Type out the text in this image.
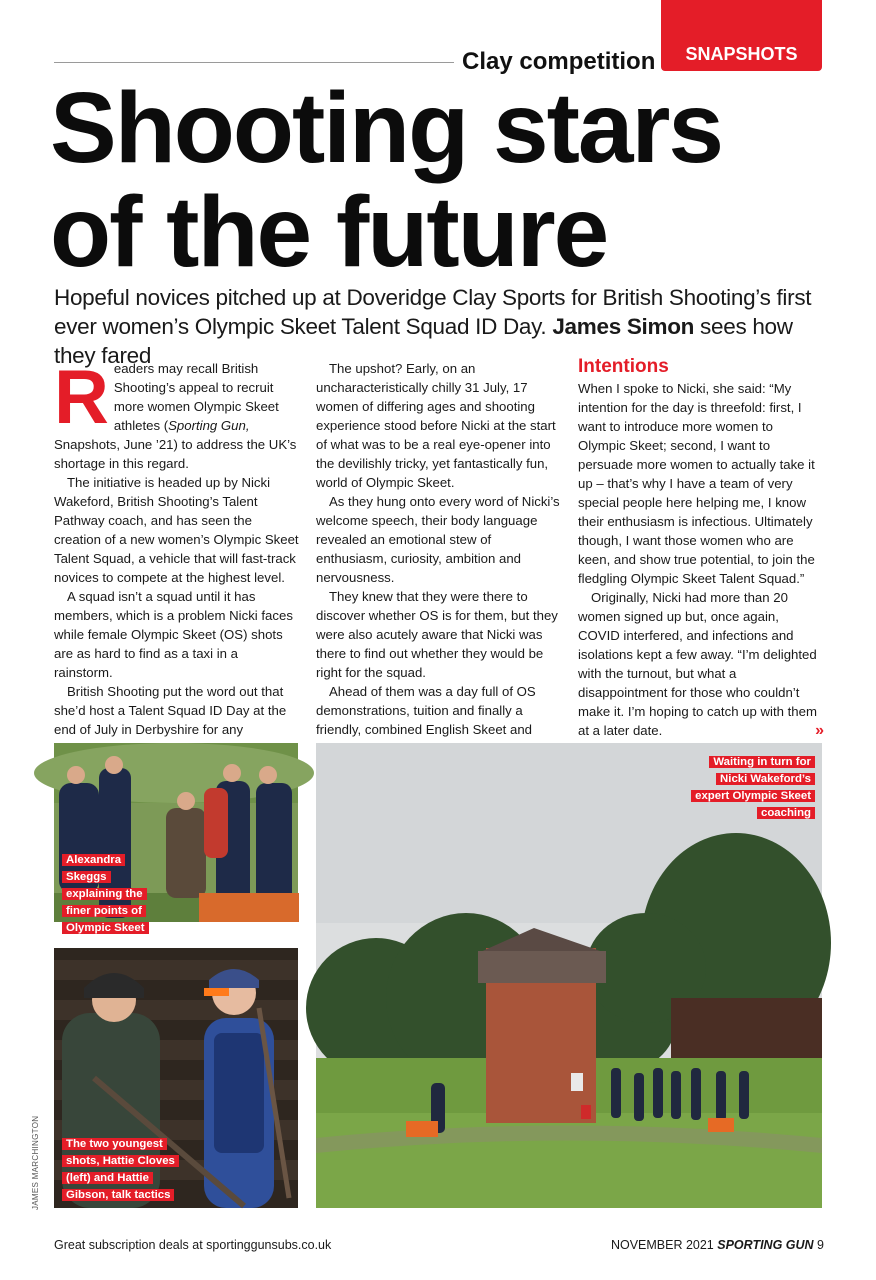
Clay competition SNAPSHOTS
Shooting stars
of the future
Hopeful novices pitched up at Doveridge Clay Sports for British Shooting’s first ever women’s Olympic Skeet Talent Squad ID Day. James Simon sees how they fared

Readers may recall British Shooting’s appeal to recruit more women Olympic Skeet athletes (Sporting Gun, Snapshots, June ’21) to address the UK’s shortage in this regard.

The initiative is headed up by Nicki Wakeford, British Shooting’s Talent Pathway coach, and has seen the creation of a new women’s Olympic Skeet Talent Squad, a vehicle that will fast-track novices to compete at the highest level.

A squad isn’t a squad until it has members, which is a problem Nicki faces while female Olympic Skeet (OS) shots are as hard to find as a taxi in a rainstorm.

British Shooting put the word out that she’d host a Talent Squad ID Day at the end of July in Derbyshire for any

The upshot? Early, on an uncharacteristically chilly 31 July, 17 women of differing ages and shooting experience stood before Nicki at the start of what was to be a real eye-opener into the devilishly tricky, yet fantastically fun, world of Olympic Skeet.

As they hung onto every word of Nicki’s welcome speech, their body language revealed an emotional stew of enthusiasm, curiosity, ambition and nervousness.

They knew that they were there to discover whether OS is for them, but they were also acutely aware that Nicki was there to find out whether they would be right for the squad.

Ahead of them was a day full of OS demonstrations, tuition and finally a friendly, combined English Skeet and

Intentions

When I spoke to Nicki, she said: “My intention for the day is threefold: first, I want to introduce more women to Olympic Skeet; second, I want to persuade more women to actually take it up – that’s why I have a team of very special people here helping me, I know their enthusiasm is infectious. Ultimately though, I want those women who are keen, and show true potential, to join the fledgling Olympic Skeet Talent Squad.”

Originally, Nicki had more than 20 women signed up but, once again, COVID interfered, and infections and isolations kept a few away. “I’m delighted with the turnout, but what a disappointment for those who couldn’t make it. I’m hoping to catch up with them at a later date.	»

Alexandra Skeggs explaining the finer points of Olympic Skeet
The two youngest shots, Hattie Cloves (left) and Hattie Gibson, talk tactics
Waiting in turn for Nicki Wakeford’s expert Olympic Skeet coaching
JAMES MARCHINGTON
Great subscription deals at sportinggunsubs.co.uk	NOVEMBER 2021 SPORTING GUN 9
